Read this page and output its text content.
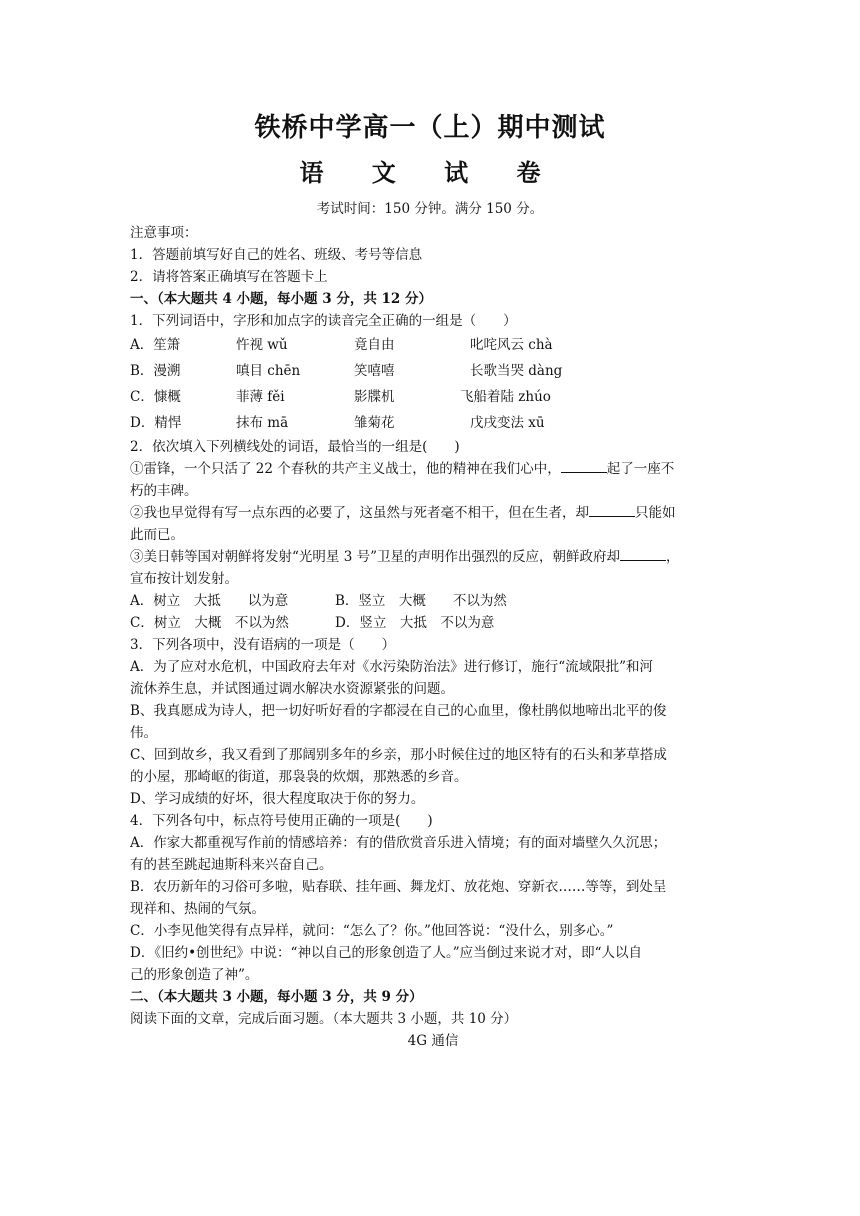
铁桥中学高一（上）期中测试
语 文 试 卷
考试时间：150 分钟。满分 150 分。
注意事项：
1．答题前填写好自己的姓名、班级、考号等信息
2．请将答案正确填写在答题卡上
一、（本大题共 4 小题，每小题 3 分，共 12 分）
1．下列词语中，字形和加点字的读音完全正确的一组是（　　）
A．笙箫	忤视 wǔ	竟自由	叱咤风云 chà
B．漫溯	嗔目 chēn	笑嘻嘻	长歌当哭 dàng
C．慷概	菲薄 fěi	影牒机	飞船着陆 zhúo
D．精悍	抹布 mā	雏菊花	戊戌变法 xū
2．依次填入下列横线处的词语，最恰当的一组是(　　)
①雷锋，一个只活了 22 个春秋的共产主义战士，他的精神在我们心中，	起了一座不
朽的丰碑。
②我也早觉得有写一点东西的必要了，这虽然与死者毫不相干，但在生者，却	只能如
此而已。
③美日韩等国对朝鲜将发射“光明星 3 号”卫星的声明作出强烈的反应，朝鲜政府却	，
宣布按计划发射。
A．树立　大抵　　以为意	B．竖立　大概　　不以为然
C．树立　大概　不以为然	D．竖立　大抵　不以为意
3．下列各项中，没有语病的一项是（　　）
A．为了应对水危机，中国政府去年对《水污染防治法》进行修订，施行“流域限批”和河
流休养生息，并试图通过调水解决水资源紧张的问题。
B、我真愿成为诗人，把一切好听好看的字都浸在自己的心血里，像杜鹃似地啼出北平的俊
伟。
C、回到故乡，我又看到了那阔别多年的乡亲，那小时候住过的地区特有的石头和茅草搭成
的小屋，那崎岖的街道，那袅袅的炊烟，那熟悉的乡音。
D、学习成绩的好坏，很大程度取决于你的努力。
4．下列各句中，标点符号使用正确的一项是(　　)
A．作家大都重视写作前的情感培养：有的借欣赏音乐进入情境；有的面对墙壁久久沉思；
有的甚至跳起迪斯科来兴奋自己。
B．农历新年的习俗可多啦，贴春联、挂年画、舞龙灯、放花炮、穿新衣……等等，到处呈
现祥和、热闹的气氛。
C．小李见他笑得有点异样，就问：“怎么了？你。”他回答说：“没什么，别多心。”
D．《旧约•创世纪》中说：“神以自己的形象创造了人。”应当倒过来说才对，即“人以自
己的形象创造了神”。
二、（本大题共 3 小题，每小题 3 分，共 9 分）
阅读下面的文章，完成后面习题。（本大题共 3 小题，共 10 分）
4G 通信
